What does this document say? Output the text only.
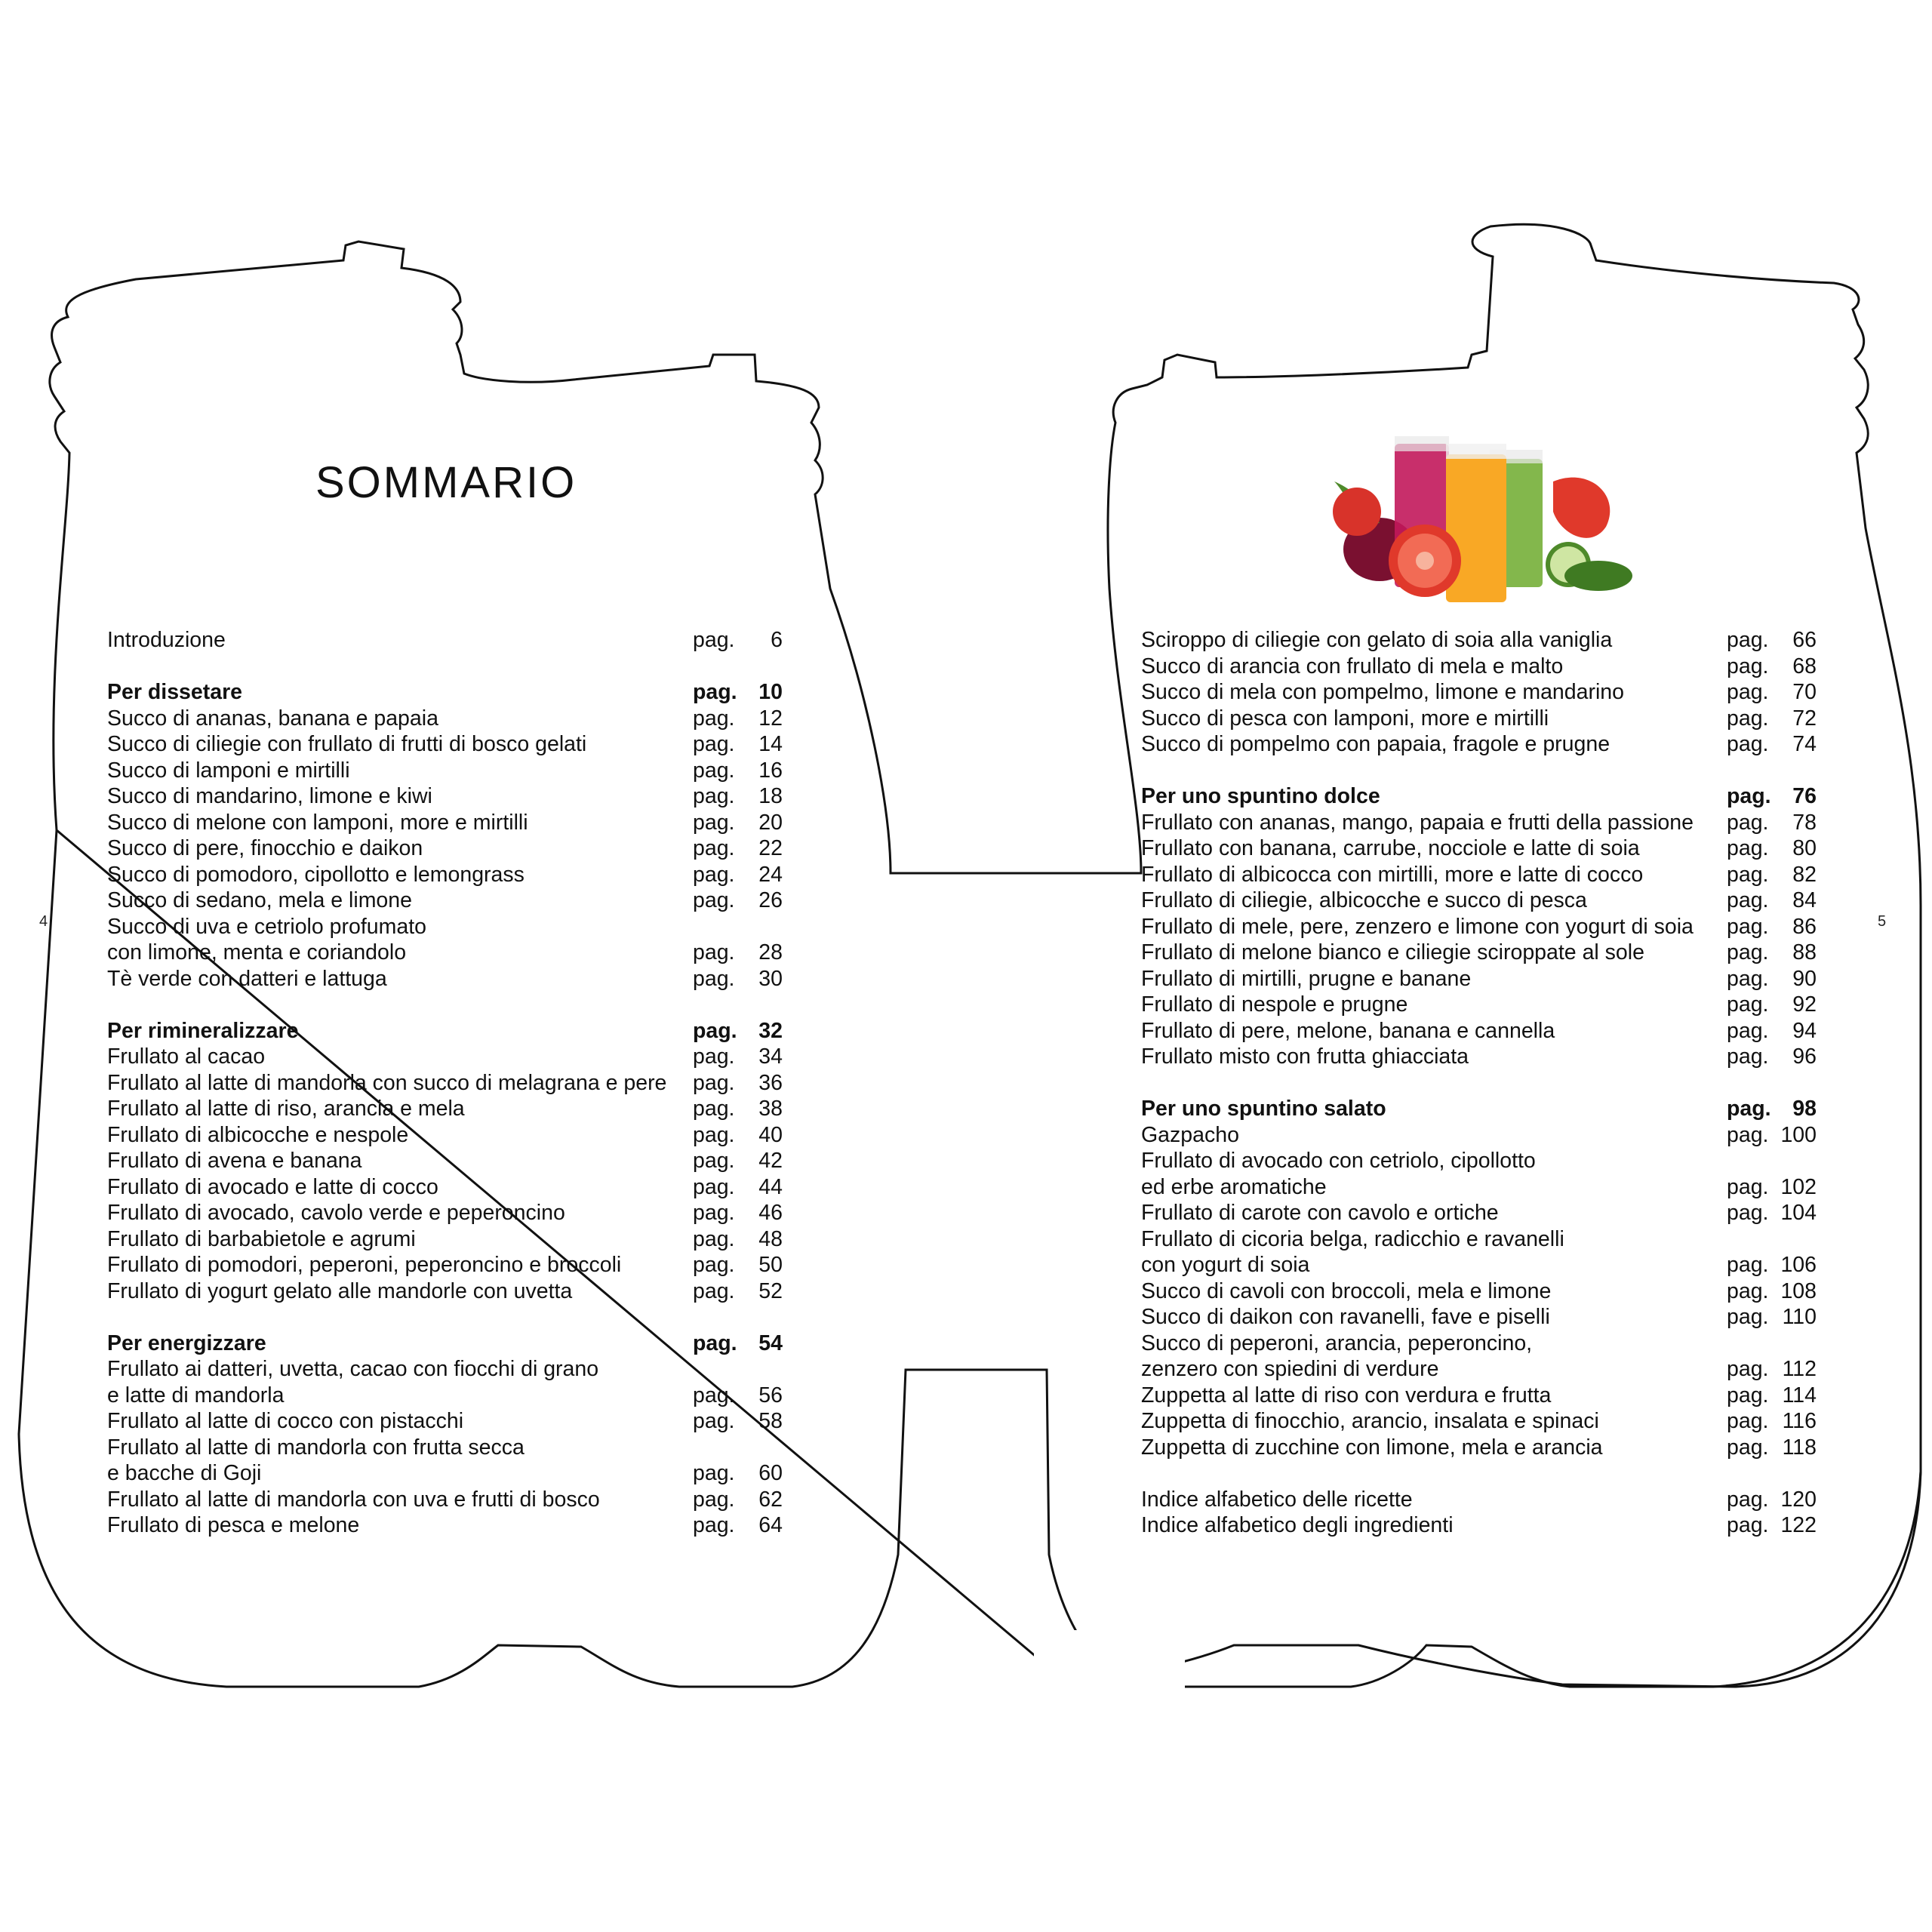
4	5
SOMMARIO
Introduzione	pag. 6
Per dissetare	pag. 10
Succo di ananas, banana e papaia	pag. 12
Succo di ciliegie con frullato di frutti di bosco gelati	pag. 14
Succo di lamponi e mirtilli	pag. 16
Succo di mandarino, limone e kiwi	pag. 18
Succo di melone con lamponi, more e mirtilli	pag. 20
Succo di pere, finocchio e daikon	pag. 22
Succo di pomodoro, cipollotto e lemongrass	pag. 24
Succo di sedano, mela e limone	pag. 26
Succo di uva e cetriolo profumato
con limone, menta e coriandolo	pag. 28
Tè verde con datteri e lattuga	pag. 30
Per rimineralizzare	pag. 32
Frullato al cacao	pag. 34
Frullato al latte di mandorla con succo di melagrana e pere pag. 36
Frullato al latte di riso, arancia e mela	pag. 38
Frullato di albicocche e nespole	pag. 40
Frullato di avena e banana	pag. 42
Frullato di avocado e latte di cocco	pag. 44
Frullato di avocado, cavolo verde e peperoncino	pag. 46
Frullato di barbabietole e agrumi	pag. 48
Frullato di pomodori, peperoni, peperoncino e broccoli	pag. 50
Frullato di yogurt gelato alle mandorle con uvetta	pag. 52
Per energizzare	pag. 54
Frullato ai datteri, uvetta, cacao con fiocchi di grano
e latte di mandorla	pag. 56
Frullato al latte di cocco con pistacchi	pag. 58
Frullato al latte di mandorla con frutta secca
e bacche di Goji	pag. 60
Frullato al latte di mandorla con uva e frutti di bosco	pag. 62
Frullato di pesca e melone	pag. 64
Sciroppo di ciliegie con gelato di soia alla vaniglia	pag. 66
Succo di arancia con frullato di mela e malto	pag. 68
Succo di mela con pompelmo, limone e mandarino	pag. 70
Succo di pesca con lamponi, more e mirtilli	pag. 72
Succo di pompelmo con papaia, fragole e prugne	pag. 74
Per uno spuntino dolce	pag. 76
Frullato con ananas, mango, papaia e frutti della passione pag. 78
Frullato con banana, carrube, nocciole e latte di soia	pag. 80
Frullato di albicocca con mirtilli, more e latte di cocco	pag. 82
Frullato di ciliegie, albicocche e succo di pesca	pag. 84
Frullato di mele, pere, zenzero e limone con yogurt di soia pag. 86
Frullato di melone bianco e ciliegie sciroppate al sole	pag. 88
Frullato di mirtilli, prugne e banane	pag. 90
Frullato di nespole e prugne	pag. 92
Frullato di pere, melone, banana e cannella	pag. 94
Frullato misto con frutta ghiacciata	pag. 96
Per uno spuntino salato	pag. 98
Gazpacho	pag. 100
Frullato di avocado con cetriolo, cipollotto
ed erbe aromatiche	pag. 102
Frullato di carote con cavolo e ortiche	pag. 104
Frullato di cicoria belga, radicchio e ravanelli
con yogurt di soia	pag. 106
Succo di cavoli con broccoli, mela e limone	pag. 108
Succo di daikon con ravanelli, fave e piselli	pag. 110
Succo di peperoni, arancia, peperoncino,
zenzero con spiedini di verdure	pag. 112
Zuppetta al latte di riso con verdura e frutta	pag. 114
Zuppetta di finocchio, arancio, insalata e spinaci	pag. 116
Zuppetta di zucchine con limone, mela e arancia	pag. 118
Indice alfabetico delle ricette	pag. 120
Indice alfabetico degli ingredienti	pag. 122
